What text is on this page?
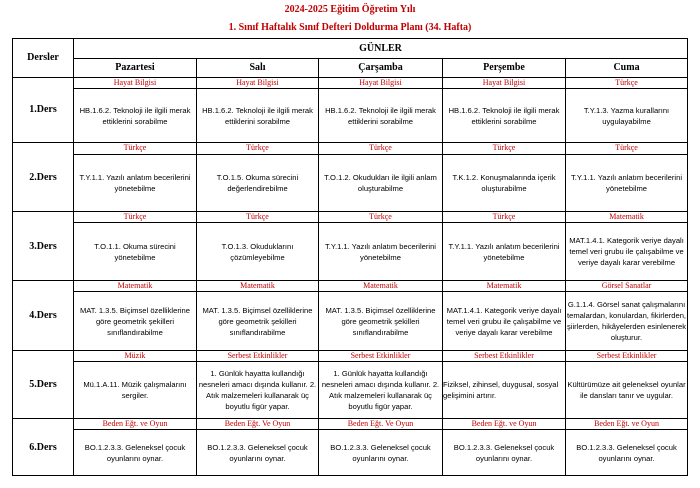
2024-2025 Eğitim Öğretim Yılı
1. Sınıf Haftalık Sınıf Defteri Doldurma Planı (34. Hafta)
Dersler	GÜNLER				
	Pazartesi	Salı	Çarşamba	Perşembe	Cuma
1.Ders	Hayat Bilgisi	Hayat Bilgisi	Hayat Bilgisi	Hayat Bilgisi	Türkçe
	HB.1.6.2. Teknoloji ile ilgili merak ettiklerini sorabilme	HB.1.6.2. Teknoloji ile ilgili merak ettiklerini sorabilme	HB.1.6.2. Teknoloji ile ilgili merak ettiklerini sorabilme	HB.1.6.2. Teknoloji ile ilgili merak ettiklerini sorabilme	T.Y.1.3. Yazma kurallarını uygulayabilme
2.Ders	Türkçe	Türkçe	Türkçe	Türkçe	Türkçe
	T.Y.1.1. Yazılı anlatım becerilerini yönetebilme	T.O.1.5. Okuma sürecini değerlendirebilme	T.O.1.2. Okudukları ile ilgili anlam oluşturabilme	T.K.1.2. Konuşmalarında içerik oluşturabilme	T.Y.1.1. Yazılı anlatım becerilerini yönetebilme
3.Ders	Türkçe	Türkçe	Türkçe	Türkçe	Matematik
	T.O.1.1. Okuma sürecini yönetebilme	T.O.1.3. Okuduklarını çözümleyebilme	T.Y.1.1. Yazılı anlatım becerilerini yönetebilme	T.Y.1.1. Yazılı anlatım becerilerini yönetebilme	MAT.1.4.1. Kategorik veriye dayalı temel veri grubu ile çalışabilme ve veriye dayalı karar verebilme
4.Ders	Matematik	Matematik	Matematik	Matematik	Görsel Sanatlar
	MAT. 1.3.5. Biçimsel özelliklerine göre geometrik şekilleri sınıflandırabilme	MAT. 1.3.5. Biçimsel özelliklerine göre geometrik şekilleri sınıflandırabilme	MAT. 1.3.5. Biçimsel özelliklerine göre geometrik şekilleri sınıflandırabilme	MAT.1.4.1. Kategorik veriye dayalı temel veri grubu ile çalışabilme ve veriye dayalı karar verebilme	G.1.1.4. Görsel sanat çalışmalarını temalardan, konulardan, fikirlerden, şiirlerden, hikâyelerden esinlenerek oluşturur.
5.Ders	Müzik	Serbest Etkinlikler	Serbest Etkinlikler	Serbest Etkinlikler	Serbest Etkinlikler
	Mü.1.A.11. Müzik çalışmalarını sergiler.	1. Günlük hayatta kullandığı nesneleri amacı dışında kullanır. 2. Atık malzemeleri kullanarak üç boyutlu figür yapar.	1. Günlük hayatta kullandığı nesneleri amacı dışında kullanır. 2. Atık malzemeleri kullanarak üç boyutlu figür yapar.	Fiziksel, zihinsel, duygusal, sosyal gelişimini artırır.	Kültürümüze ait geleneksel oyunlar ile dansları tanır ve uygular.
6.Ders	Beden Eğt. ve Oyun	Beden Eğt. Ve Oyun	Beden Eğt. Ve Oyun	Beden Eğt. ve Oyun	Beden Eğt. ve Oyun
	BO.1.2.3.3. Geleneksel çocuk oyunlarını oynar.	BO.1.2.3.3. Geleneksel çocuk oyunlarını oynar.	BO.1.2.3.3. Geleneksel çocuk oyunlarını oynar.	BO.1.2.3.3. Geleneksel çocuk oyunlarını oynar.	BO.1.2.3.3. Geleneksel çocuk oyunlarını oynar.
